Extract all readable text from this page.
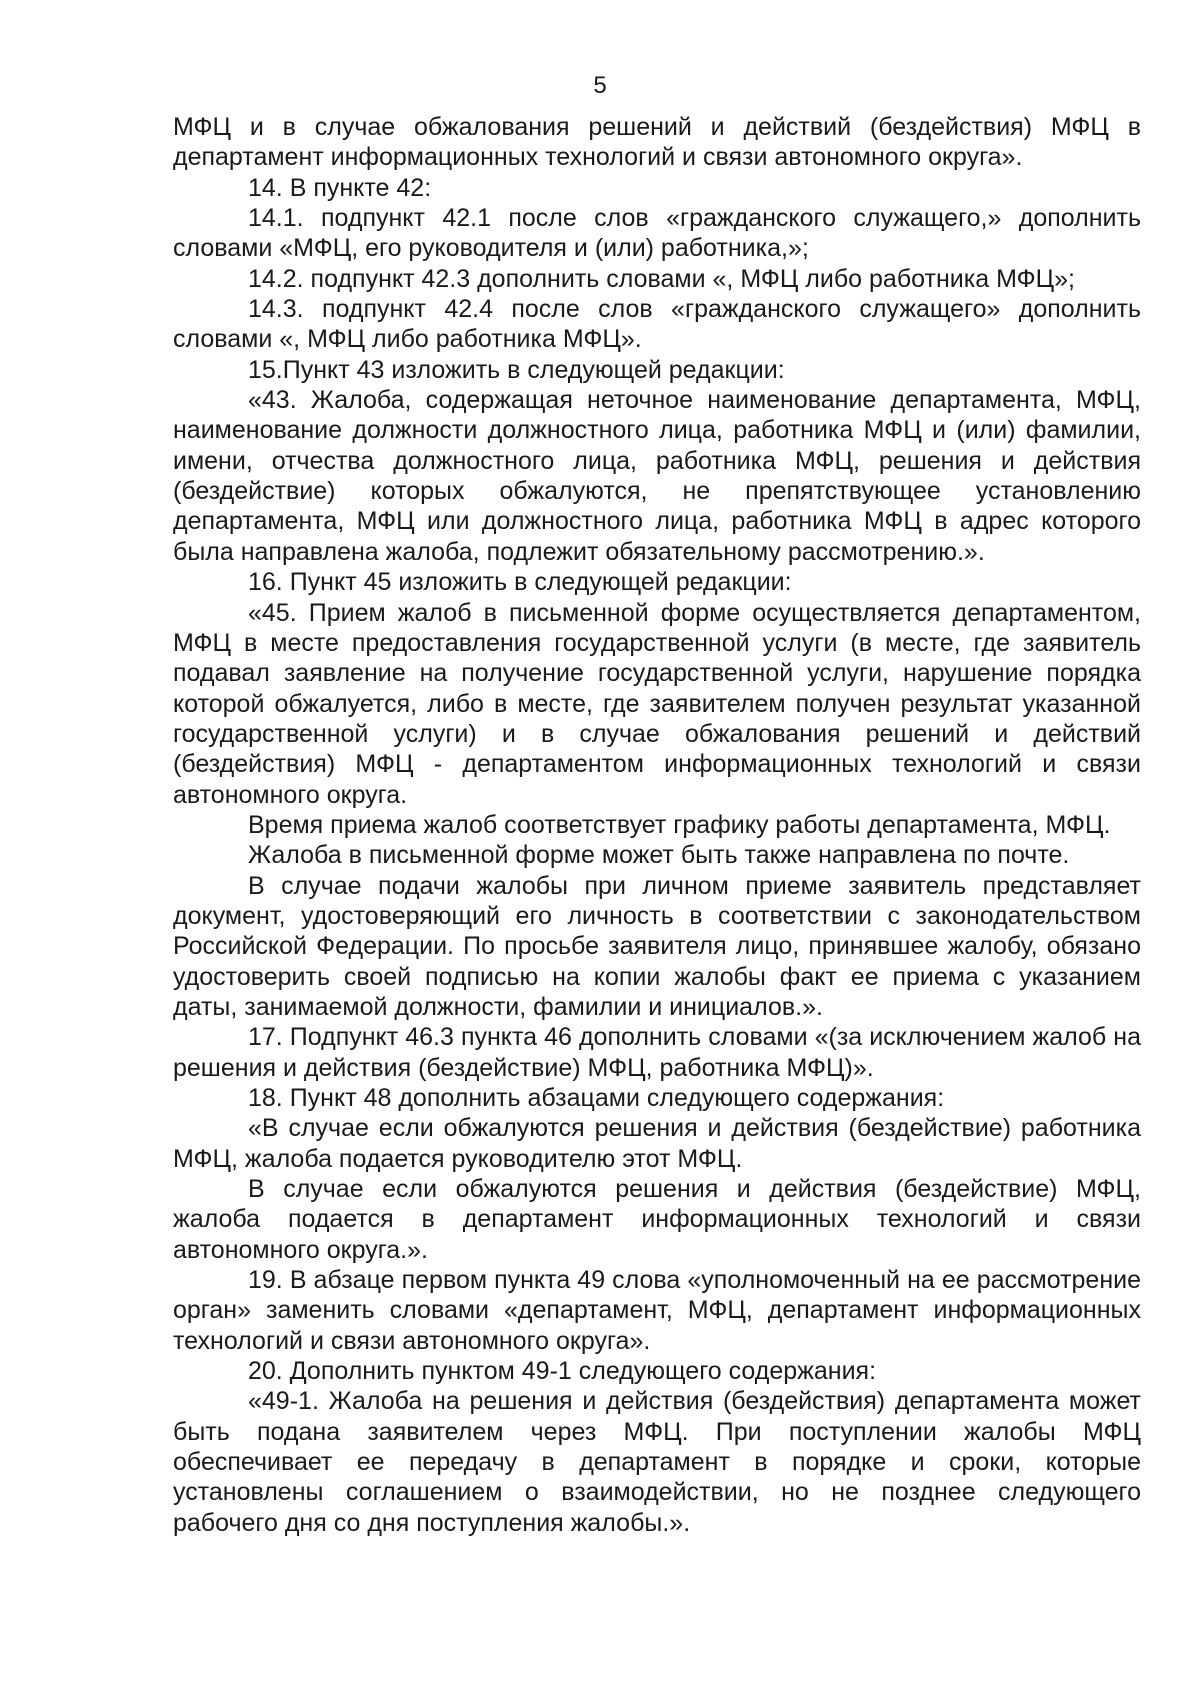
5

МФЦ и в случае обжалования решений и действий (бездействия) МФЦ в департамент информационных технологий и связи автономного округа».

14. В пункте 42:

14.1. подпункт 42.1 после слов «гражданского служащего,» дополнить словами «МФЦ, его руководителя и (или) работника,»;

14.2. подпункт 42.3 дополнить словами «, МФЦ либо работника МФЦ»;

14.3. подпункт 42.4 после слов «гражданского служащего» дополнить словами «, МФЦ либо работника МФЦ».

15.Пункт 43 изложить в следующей редакции:

«43. Жалоба, содержащая неточное наименование департамента, МФЦ, наименование должности должностного лица, работника МФЦ и (или) фамилии, имени, отчества должностного лица, работника МФЦ, решения и действия (бездействие) которых обжалуются, не препятствующее установлению департамента, МФЦ или должностного лица, работника МФЦ в адрес которого была направлена жалоба, подлежит обязательному рассмотрению.».

16. Пункт 45 изложить в следующей редакции:

«45. Прием жалоб в письменной форме осуществляется департаментом, МФЦ в месте предоставления государственной услуги (в месте, где заявитель подавал заявление на получение государственной услуги, нарушение порядка которой обжалуется, либо в месте, где заявителем получен результат указанной государственной услуги) и в случае обжалования решений и действий (бездействия) МФЦ - департаментом информационных технологий и связи автономного округа.

Время приема жалоб соответствует графику работы департамента, МФЦ.

Жалоба в письменной форме может быть также направлена по почте.

В случае подачи жалобы при личном приеме заявитель представляет документ, удостоверяющий его личность в соответствии с законодательством Российской Федерации. По просьбе заявителя лицо, принявшее жалобу, обязано удостоверить своей подписью на копии жалобы факт ее приема с указанием даты, занимаемой должности, фамилии и инициалов.».

17. Подпункт 46.3 пункта 46 дополнить словами «(за исключением жалоб на решения и действия (бездействие) МФЦ, работника МФЦ)».

18. Пункт 48 дополнить абзацами следующего содержания:

«В случае если обжалуются решения и действия (бездействие) работника МФЦ, жалоба подается руководителю этот МФЦ.

В случае если обжалуются решения и действия (бездействие) МФЦ, жалоба подается в департамент информационных технологий и связи автономного округа.».

19. В абзаце первом пункта 49 слова «уполномоченный на ее рассмотрение орган» заменить словами «департамент, МФЦ, департамент информационных технологий и связи автономного округа».

20. Дополнить пунктом 49-1 следующего содержания:

«49-1. Жалоба на решения и действия (бездействия) департамента может быть подана заявителем через МФЦ. При поступлении жалобы МФЦ обеспечивает ее передачу в департамент в порядке и сроки, которые установлены соглашением о взаимодействии, но не позднее следующего рабочего дня со дня поступления жалобы.».
